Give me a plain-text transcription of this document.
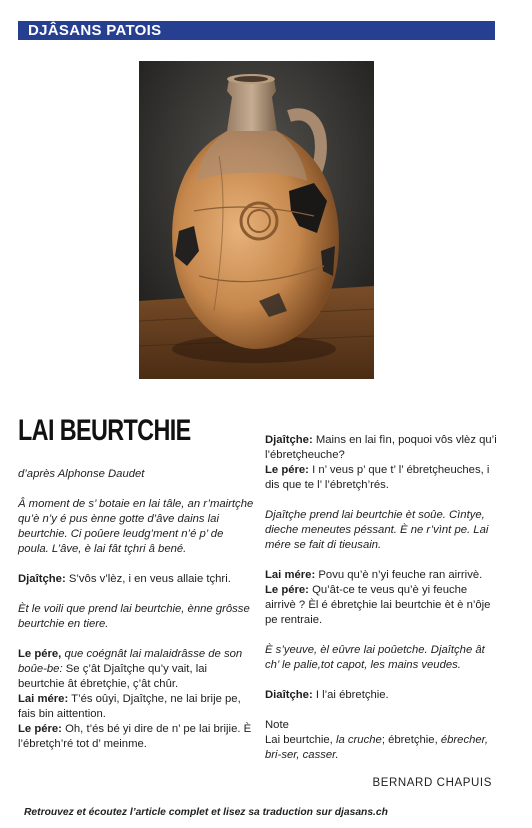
DJÂSANS PATOIS
LAI BEURTCHIE

d’après Alphonse Daudet

Â moment de s’ botaie en lai tâle, an r’mairtçhe qu’è n’y é pus ènne gotte d’âve dains lai beurtchie. Ci poûere leudg’ment n’é p’ de poula. L’âve, è lai fât tçhri â bené.

Djaîtçhe: S’vôs v’lèz, i en veus allaie tçhri.

Èt le voili que prend lai beurtchie, ènne grôsse beurtchie en tiere.

Le pére, que coégnât lai malaidrâsse de son boûe-be: Se ç’ât Djaîtçhe qu’y vait, lai beurtchie ât ébretçhie, ç’ât chûr.

Lai mére: T’és oûyi, Djaîtçhe, ne lai brije pe, fais bin aittention.

Le pére: Oh, t’és bé yi dire de n’ pe lai brijie. È l’ébretçh’ré tot d’ meinme.

Djaîtçhe: Mains en lai fìn, poquoi vôs vlèz qu’i l’ébretçheuche?

Le pére: I n’ veus p’ que t’ l’ ébretçheuches, i dis que te l’ l’ébretçh’rés.

Djaîtçhe prend lai beurtchie èt soûe. Cìntye, dieche meneutes péssant. È ne r’vìnt pe. Lai mére se fait di tieusain.

Lai mére: Povu qu’è n’yi feuche ran airrivè.

Le pére: Qu’ât-ce te veus qu’è yi feuche airrivè ? Èl é ébretçhie lai beurtchie èt è n’ôje pe rentraie.

È s’yeuve, èl eûvre lai poûetche. Djaîtçhe ât ch’ le palie,tot capot, les mains veudes.

Diaîtçhe: I l’ai ébretçhie.

Note

Lai beurtchie, la cruche; ébretçhie, ébrecher, bri-ser, casser.

BERNARD CHAPUIS
Retrouvez et écoutez l’article complet et lisez sa traduction sur djasans.ch
